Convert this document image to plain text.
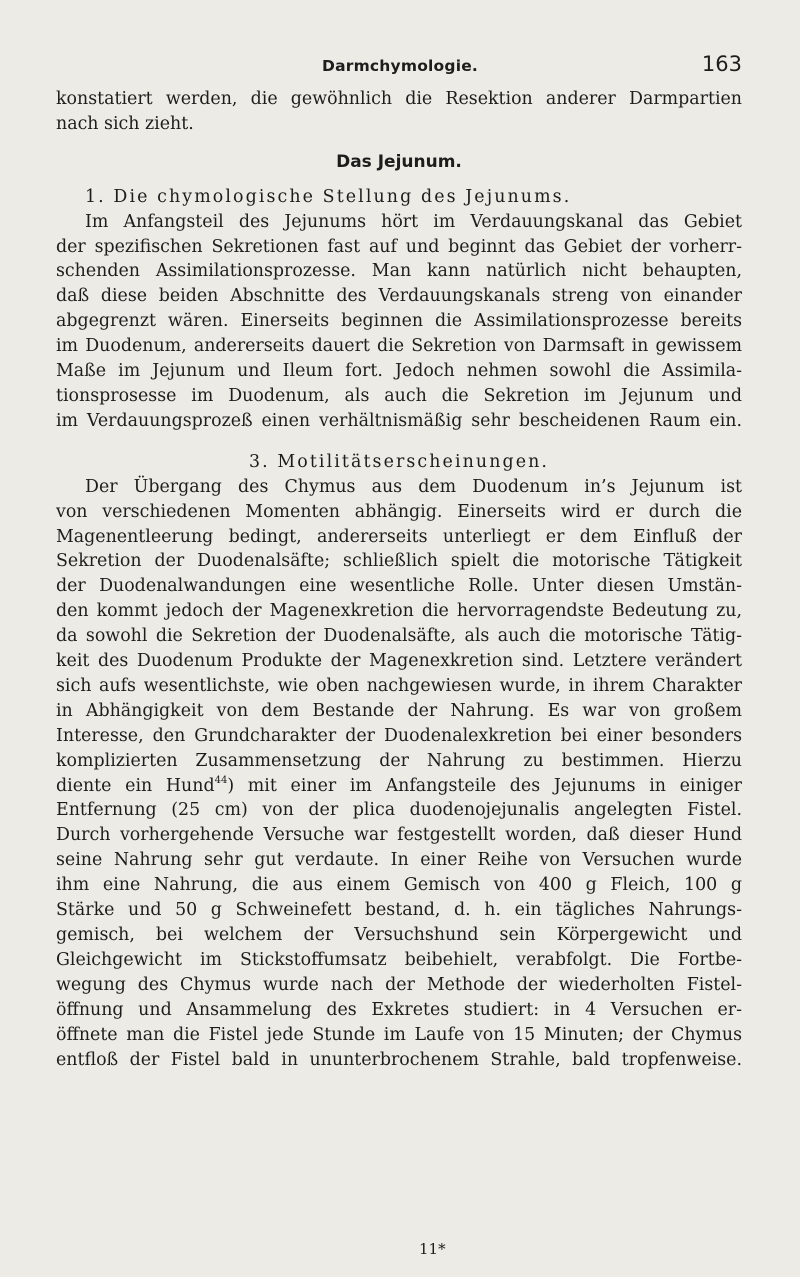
Darmchymologie.	163
konstatiert werden, die gewöhnlich die Resektion anderer Darmpartien
nach sich zieht.
Das Jejunum.
1. Die chymologische Stellung des Jejunums.
Im Anfangsteil des Jejunums hört im Verdauungskanal das Gebiet
der spezifischen Sekretionen fast auf und beginnt das Gebiet der vorherr-
schenden Assimilationsprozesse. Man kann natürlich nicht behaupten,
daß diese beiden Abschnitte des Verdauungskanals streng von einander
abgegrenzt wären. Einerseits beginnen die Assimilationsprozesse bereits
im Duodenum, andererseits dauert die Sekretion von Darmsaft in gewissem
Maße im Jejunum und Ileum fort. Jedoch nehmen sowohl die Assimila-
tionsprosesse im Duodenum, als auch die Sekretion im Jejunum und
im Verdauungsprozeß einen verhältnismäßig sehr bescheidenen Raum ein.
3. Motilitätserscheinungen.
Der Übergang des Chymus aus dem Duodenum in’s Jejunum ist
von verschiedenen Momenten abhängig. Einerseits wird er durch die
Magenentleerung bedingt, andererseits unterliegt er dem Einfluß der
Sekretion der Duodenalsäfte; schließlich spielt die motorische Tätigkeit
der Duodenalwandungen eine wesentliche Rolle. Unter diesen Umstän-
den kommt jedoch der Magenexkretion die hervorragendste Bedeutung zu,
da sowohl die Sekretion der Duodenalsäfte, als auch die motorische Tätig-
keit des Duodenum Produkte der Magenexkretion sind. Letztere verändert
sich aufs wesentlichste, wie oben nachgewiesen wurde, in ihrem Charakter
in Abhängigkeit von dem Bestande der Nahrung. Es war von großem
Interesse, den Grundcharakter der Duodenalexkretion bei einer besonders
komplizierten Zusammensetzung der Nahrung zu bestimmen. Hierzu
diente ein Hund$^{44}$) mit einer im Anfangsteile des Jejunums in einiger
Entfernung (25 cm) von der plica duodenojejunalis angelegten Fistel.
Durch vorhergehende Versuche war festgestellt worden, daß dieser Hund
seine Nahrung sehr gut verdaute. In einer Reihe von Versuchen wurde
ihm eine Nahrung, die aus einem Gemisch von 400 g Fleich, 100 g
Stärke und 50 g Schweinefett bestand, d. h. ein tägliches Nahrungs-
gemisch, bei welchem der Versuchshund sein Körpergewicht und
Gleichgewicht im Stickstoffumsatz beibehielt, verabfolgt. Die Fortbe-
wegung des Chymus wurde nach der Methode der wiederholten Fistel-
öffnung und Ansammelung des Exkretes studiert: in 4 Versuchen er-
öffnete man die Fistel jede Stunde im Laufe von 15 Minuten; der Chymus
entfloß der Fistel bald in ununterbrochenem Strahle, bald tropfenweise.
11*
